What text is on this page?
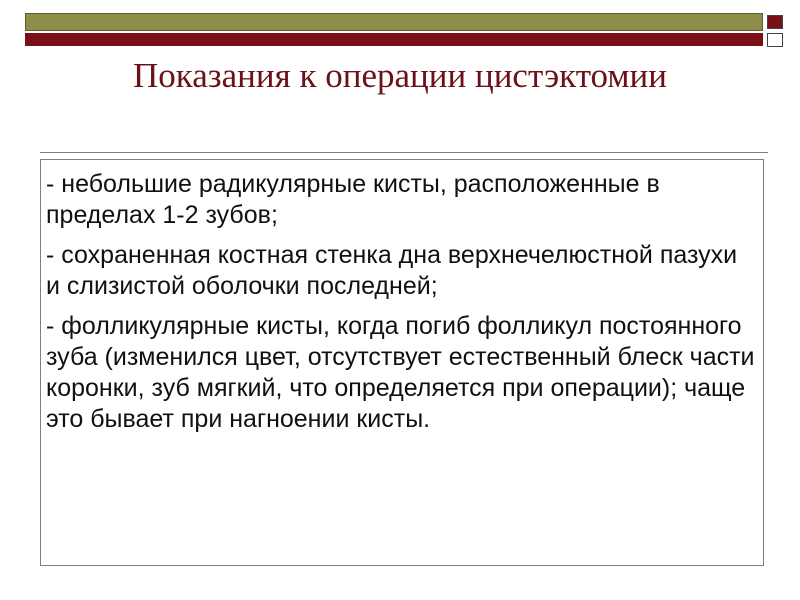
Показания к операции цистэктомии
- небольшие радикулярные кисты, расположенные в пределах 1-2 зубов;
- сохраненная костная стенка дна верхнечелюстной пазухи и слизистой оболочки последней;
- фолликулярные кисты, когда погиб фолликул постоянного зуба (изменился цвет, отсутствует естественный блеск части коронки, зуб мягкий, что определяется при операции); чаще это бывает при нагноении кисты.
